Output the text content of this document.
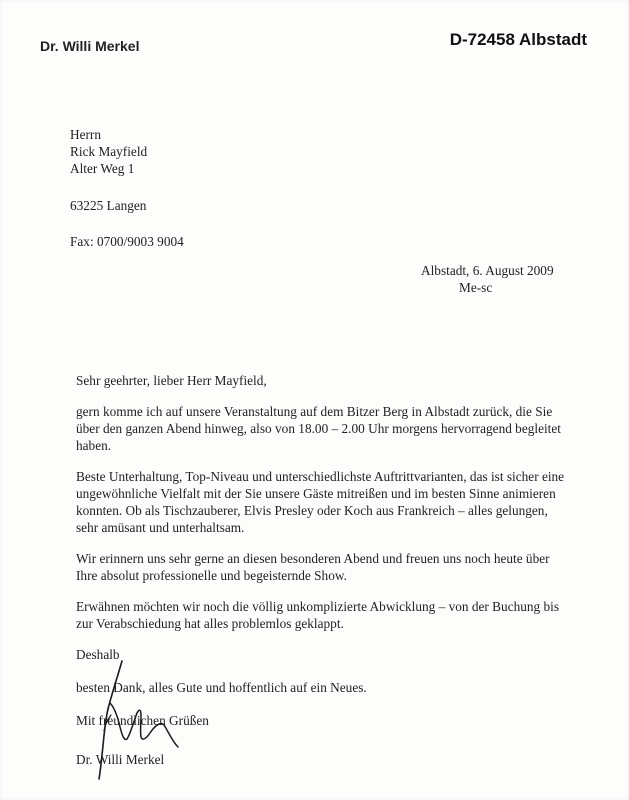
Dr. Willi Merkel	D-72458 Albstadt
Herrn
Rick Mayfield
Alter Weg 1
63225 Langen
Fax: 0700/9003 9004
Albstadt, 6. August 2009
Me-sc

Sehr geehrter, lieber Herr Mayfield,

gern komme ich auf unsere Veranstaltung auf dem Bitzer Berg in Albstadt zurück, die Sie über den ganzen Abend hinweg, also von 18.00 – 2.00 Uhr morgens hervorragend begleitet haben.

Beste Unterhaltung, Top-Niveau und unterschiedlichste Auftrittvarianten, das ist sicher eine ungewöhnliche Vielfalt mit der Sie unsere Gäste mitreißen und im besten Sinne animieren konnten. Ob als Tischzauberer, Elvis Presley oder Koch aus Frankreich – alles gelungen, sehr amüsant und unterhaltsam.

Wir erinnern uns sehr gerne an diesen besonderen Abend und freuen uns noch heute über Ihre absolut professionelle und begeisternde Show.

Erwähnen möchten wir noch die völlig unkomplizierte Abwicklung – von der Buchung bis zur Verabschiedung hat alles problemlos geklappt.

Deshalb

besten Dank, alles Gute und hoffentlich auf ein Neues.

Mit freundlichen Grüßen

Dr. Willi Merkel
